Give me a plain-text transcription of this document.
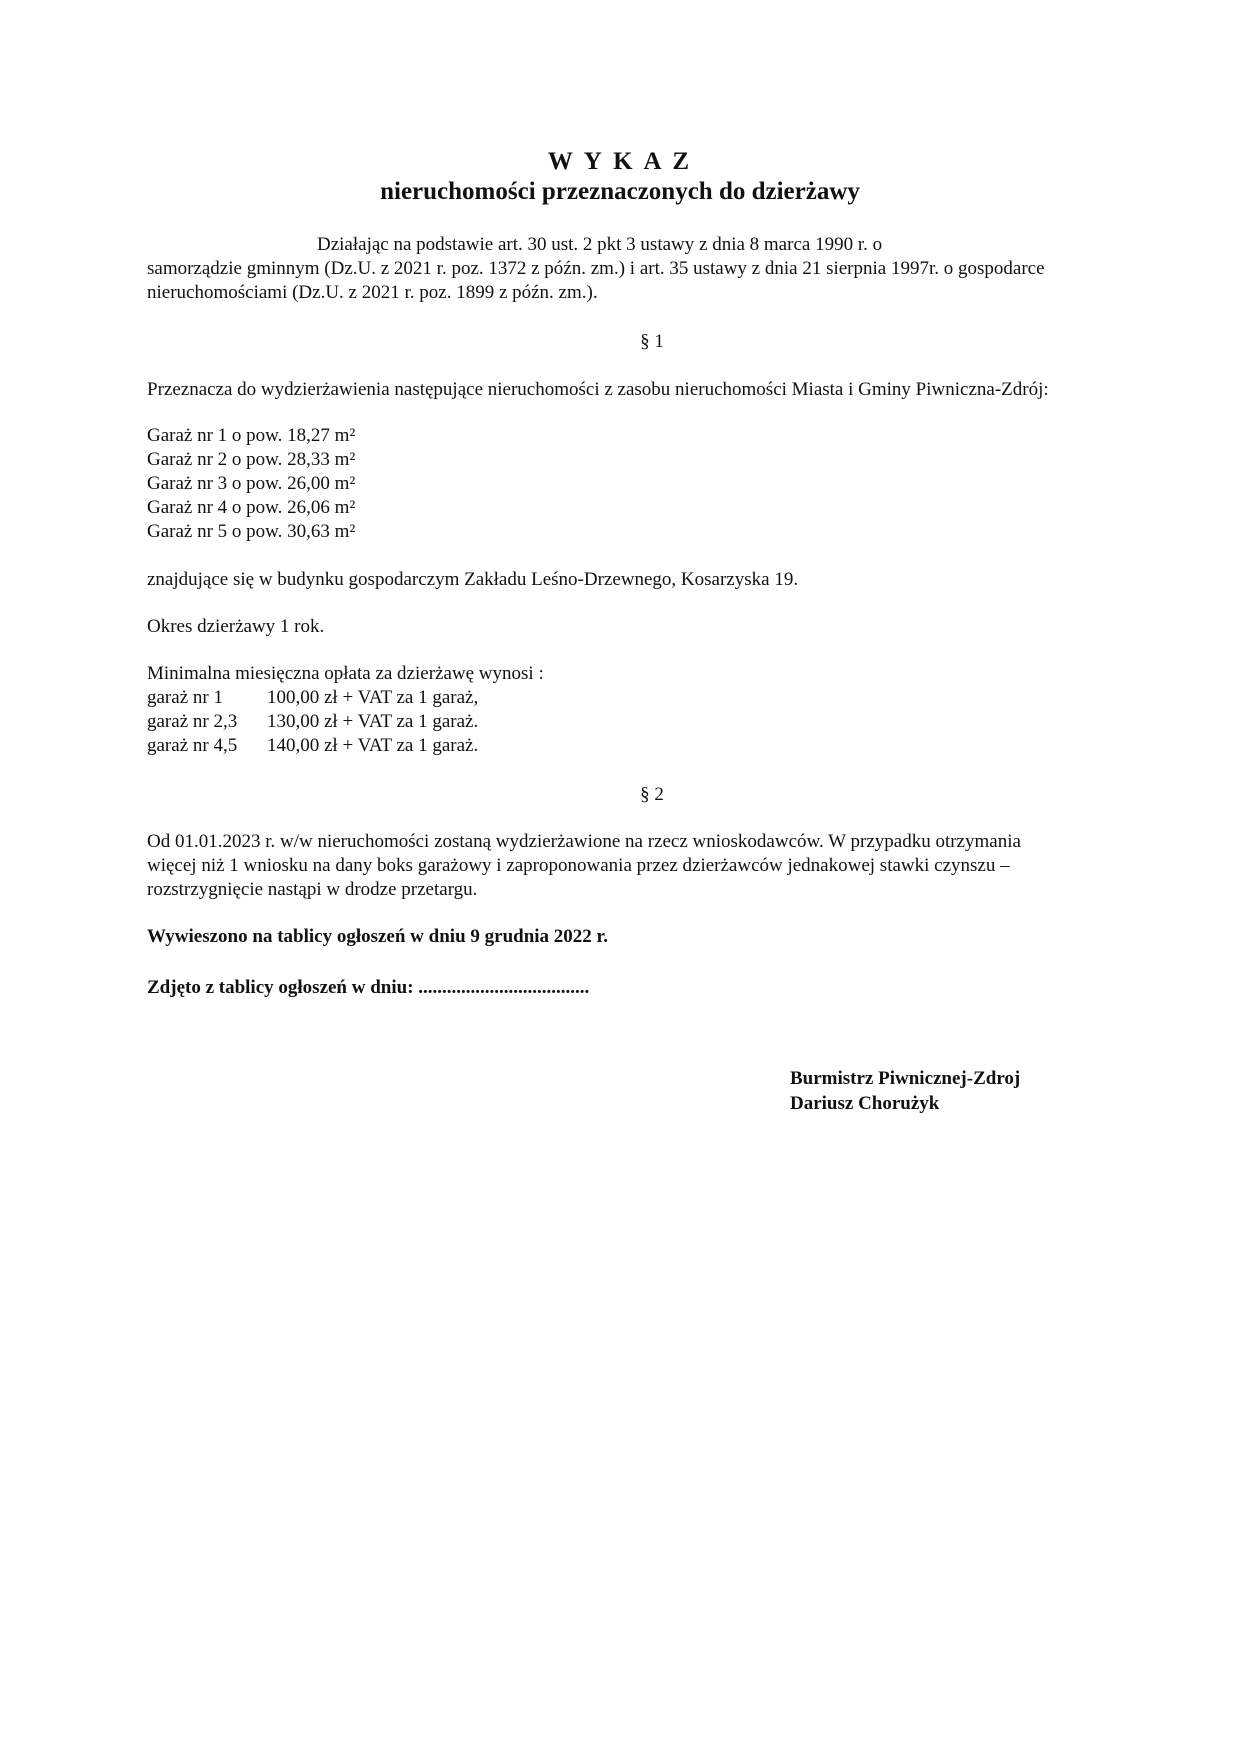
W Y K A Z
nieruchomości przeznaczonych do dzierżawy
Działając na podstawie art. 30 ust. 2 pkt 3 ustawy z dnia 8 marca 1990 r. o
samorządzie gminnym (Dz.U. z 2021 r. poz. 1372 z późn. zm.) i art. 35 ustawy z dnia 21 sierpnia 1997r. o gospodarce
nieruchomościami (Dz.U. z 2021 r. poz. 1899 z późn. zm.).
§ 1
Przeznacza do wydzierżawienia następujące nieruchomości z zasobu nieruchomości Miasta i Gminy Piwniczna-Zdrój:
Garaż nr 1 o pow. 18,27 m²
Garaż nr 2 o pow. 28,33 m²
Garaż nr 3 o pow. 26,00 m²
Garaż nr 4 o pow. 26,06 m²
Garaż nr 5 o pow. 30,63 m²
znajdujące się w budynku gospodarczym Zakładu Leśno-Drzewnego, Kosarzyska 19.
Okres dzierżawy 1 rok.
Minimalna miesięczna opłata za dzierżawę wynosi :
garaż nr 1 100,00 zł + VAT za 1 garaż,
garaż nr 2,3 130,00 zł + VAT za 1 garaż.
garaż nr 4,5 140,00 zł + VAT za 1 garaż.
§ 2
Od 01.01.2023 r. w/w nieruchomości zostaną wydzierżawione na rzecz wnioskodawców. W przypadku otrzymania
więcej niż 1 wniosku na dany boks garażowy i zaproponowania przez dzierżawców jednakowej stawki czynszu –
rozstrzygnięcie nastąpi w drodze przetargu.
Wywieszono na tablicy ogłoszeń w dniu 9 grudnia 2022 r.
Zdjęto z tablicy ogłoszeń w dniu: ....................................
Burmistrz Piwnicznej-Zdroj
Dariusz Chorużyk
